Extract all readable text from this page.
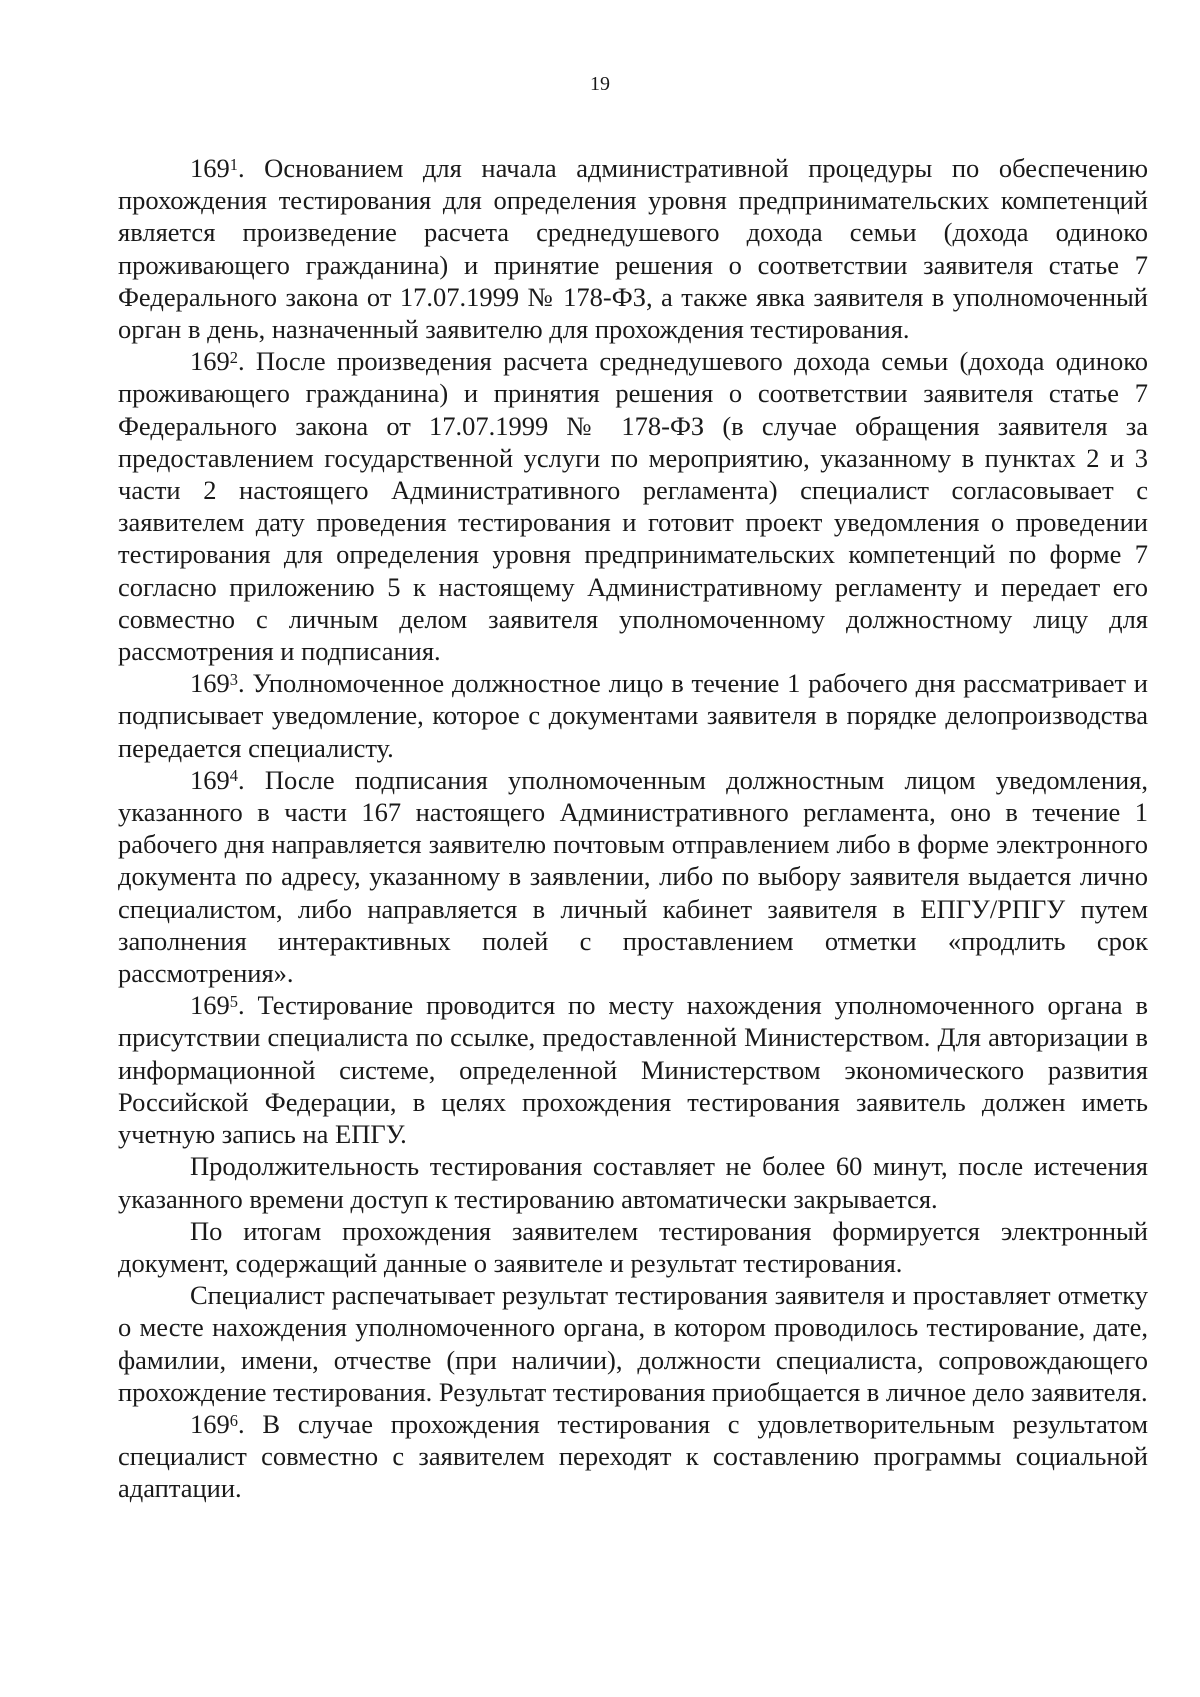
19

$169^1$. Основанием для начала административной процедуры по обеспечению прохождения тестирования для определения уровня предпринимательских компетенций является произведение расчета среднедушевого дохода семьи (дохода одиноко проживающего гражданина) и принятие решения о соответствии заявителя статье 7 Федерального закона от 17.07.1999 № 178-ФЗ, а также явка заявителя в уполномоченный орган в день, назначенный заявителю для прохождения тестирования.

$169^2$. После произведения расчета среднедушевого дохода семьи (дохода одиноко проживающего гражданина) и принятия решения о соответствии заявителя статье 7 Федерального закона от 17.07.1999 № 178-ФЗ (в случае обращения заявителя за предоставлением государственной услуги по мероприятию, указанному в пунктах 2 и 3 части 2 настоящего Административного регламента) специалист согласовывает с заявителем дату проведения тестирования и готовит проект уведомления о проведении тестирования для определения уровня предпринимательских компетенций по форме 7 согласно приложению 5 к настоящему Административному регламенту и передает его совместно с личным делом заявителя уполномоченному должностному лицу для рассмотрения и подписания.

$169^3$. Уполномоченное должностное лицо в течение 1 рабочего дня рассматривает и подписывает уведомление, которое с документами заявителя в порядке делопроизводства передается специалисту.

$169^4$. После подписания уполномоченным должностным лицом уведомления, указанного в части 167 настоящего Административного регламента, оно в течение 1 рабочего дня направляется заявителю почтовым отправлением либо в форме электронного документа по адресу, указанному в заявлении, либо по выбору заявителя выдается лично специалистом, либо направляется в личный кабинет заявителя в ЕПГУ/РПГУ путем заполнения интерактивных полей с проставлением отметки «продлить срок рассмотрения».

$169^5$. Тестирование проводится по месту нахождения уполномоченного органа в присутствии специалиста по ссылке, предоставленной Министерством. Для авторизации в информационной системе, определенной Министерством экономического развития Российской Федерации, в целях прохождения тестирования заявитель должен иметь учетную запись на ЕПГУ.

Продолжительность тестирования составляет не более 60 минут, после истечения указанного времени доступ к тестированию автоматически закрывается.

По итогам прохождения заявителем тестирования формируется электронный документ, содержащий данные о заявителе и результат тестирования.

Специалист распечатывает результат тестирования заявителя и проставляет отметку о месте нахождения уполномоченного органа, в котором проводилось тестирование, дате, фамилии, имени, отчестве (при наличии), должности специалиста, сопровождающего прохождение тестирования. Результат тестирования приобщается в личное дело заявителя.

$169^6$. В случае прохождения тестирования с удовлетворительным результатом специалист совместно с заявителем переходят к составлению программы социальной адаптации.
